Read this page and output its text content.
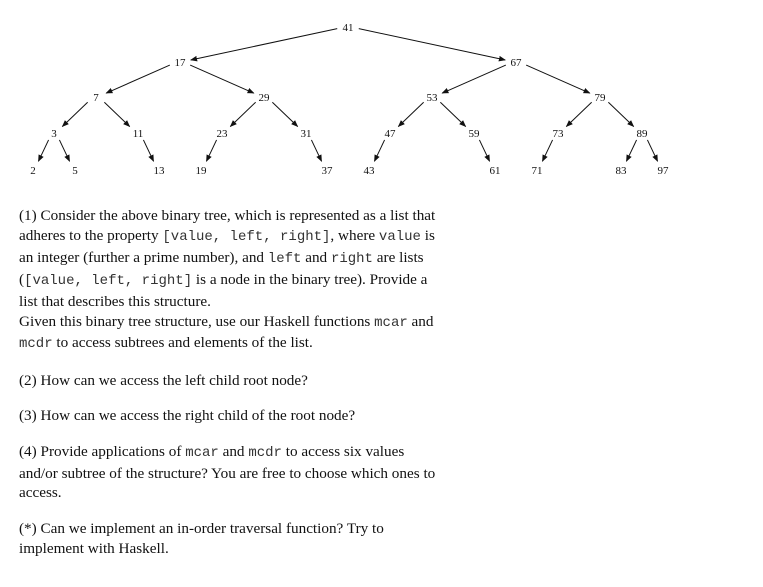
2	5
3
13
11
7
19
23
37
31
29
17
43
47
61
59
53
71
73
83	97
89
79
67
41

(1) Consider the above binary tree, which is represented as a list that adheres to the property [value, left, right], where value is an integer (further a prime number), and left and right are lists ([value, left, right] is a node in the binary tree). Provide a list that describes this structure.
Given this binary tree structure, use our Haskell functions mcar and mcdr to access subtrees and elements of the list.

(2) How can we access the left child root node?

(3) How can we access the right child of the root node?

(4) Provide applications of mcar and mcdr to access six values and/or subtree of the structure? You are free to choose which ones to access.

(*) Can we implement an in-order traversal function? Try to implement with Haskell.
